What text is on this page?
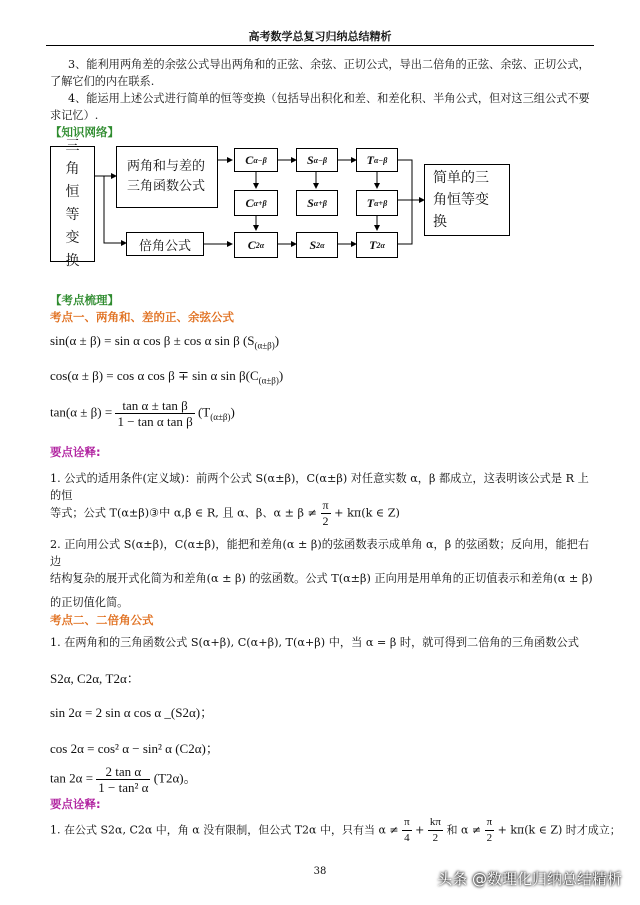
高考数学总复习归纳总结精析
3、能利用两角差的余弦公式导出两角和的正弦、余弦、正切公式，导出二倍角的正弦、余弦、正切公式，了解它们的内在联系.
4、能运用上述公式进行简单的恒等变换（包括导出积化和差、和差化积、半角公式，但对这三组公式不要求记忆）.
【知识网络】
三角恒等变换
两角和与差的三角函数公式
倍角公式
简单的三角恒等变换
C α−β	S α−β	T α−β
C α+β	S α+β	T α+β
C 2α	S 2α	T 2α
【考点梳理】
考点一、两角和、差的正、余弦公式
sin(α ± β) = sin α cos β ± cos α sin β $(S_{(\alpha\pm\beta)})$
cos(α ± β) = cos α cos β ∓ sin α $\sin \beta(C_{(\alpha\pm\beta)})$
$\tan(\alpha \pm \beta) = \frac{\text{tan α ± tan β}}{\text{1 − tan α tan β}} (T_{(\alpha\pm\beta)})$
要点诠释:
1. 公式的适用条件(定义域)：前两个公式 S(α±β)，C(α±β) 对任意实数 α，β 都成立，这表明该公式是 R 上的恒
等式；公式 T(α±β)③中 α,β ∈ R, 且 α、β、$\alpha \pm \beta \ne \frac{\pi}{2} + k\pi(k$ ∈ Z)
2. 正向用公式 S(α±β)，C(α±β)，能把和差角(α ± β)的弦函数表示成单角 α，β 的弦函数；反向用，能把右边
结构复杂的展开式化简为和差角(α ± β) 的弦函数。公式 T(α±β) 正向用是用单角的正切值表示和差角(α ± β)
的正切值化简。
考点二、二倍角公式
1. 在两角和的三角函数公式 S(α+β), C(α+β), T(α+β) 中，当 α = β 时，就可得到二倍角的三角函数公式
S2α, C2α, T2α：
sin 2α = 2 sin α cos α _(S2α)；
cos 2α = cos² α − sin² α (C2α)；
$\tan 2\alpha = \frac{\text{2 tan α}}{\text{1 − tan² α}} (T2\alpha)$。
要点诠释:
1. 在公式 S2α, C2α 中，角 α 没有限制，但公式 T2α 中，只有当 $\alpha \ne \frac{\pi}{4} + \frac{k\pi}{2}$ 和 $\alpha \ne \frac{\pi}{2} + k\pi(k$ ∈ Z) 时才成立；
38	头条 @数理化归纳总结精析
